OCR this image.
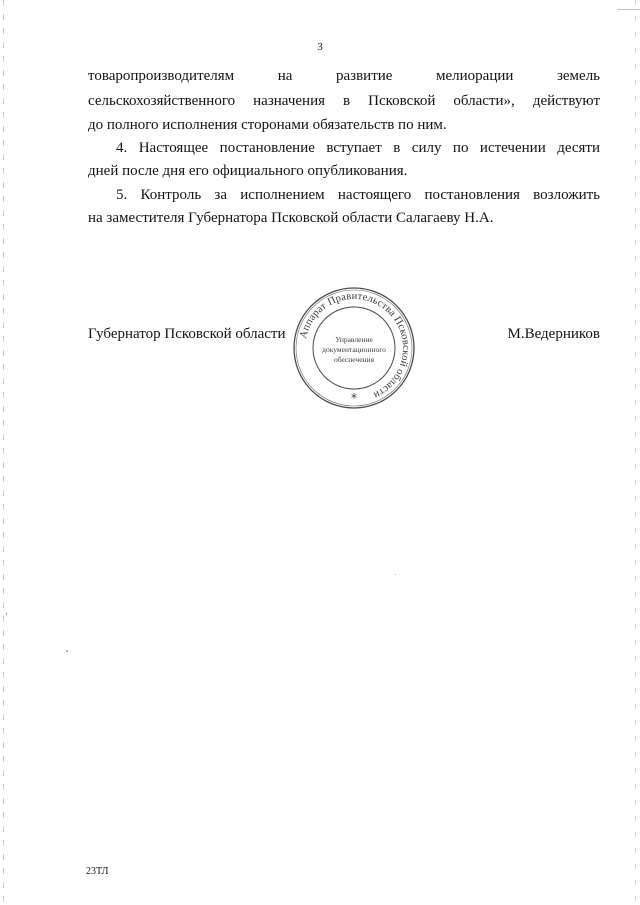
3
товаропроизводителям	на	развитие	мелиорации	земель
сельскохозяйственного назначения в Псковской области», действуют
до полного исполнения сторонами обязательств по ним.
4. Настоящее постановление вступает в силу по истечении десяти
дней после дня его официального опубликования.
5. Контроль за исполнением настоящего постановления возложить
на заместителя Губернатора Псковской области Салагаеву Н.А.
Губернатор Псковской области Аппарат Правительства Псковской области
Управление
документационного
обеспечения
*
М.Ведерников
23ТЛ
